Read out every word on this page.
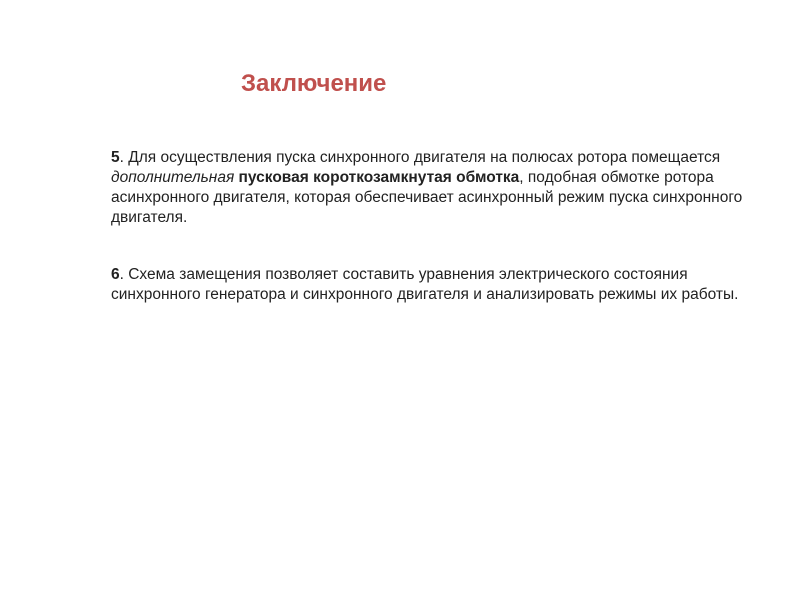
Заключение
5. Для осуществления пуска синхронного двигателя на полюсах ротора помещается дополнительная пусковая короткозамкнутая обмотка, подобная обмотке ротора асинхронного двигателя, которая обеспечивает асинхронный режим пуска синхронного двигателя.
6. Схема замещения позволяет составить уравнения электрического состояния синхронного генератора и синхронного двигателя и анализировать режимы их работы.
